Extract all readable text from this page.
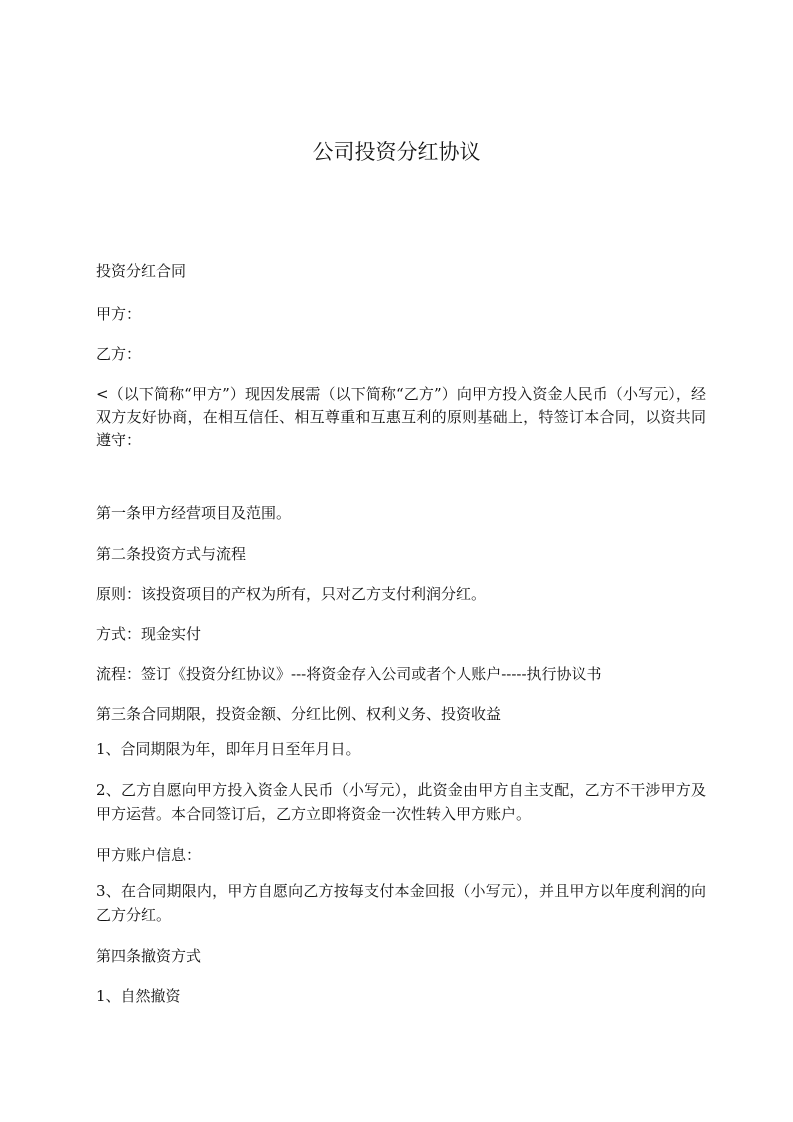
公司投资分红协议

投资分红合同

甲方：

乙方：

<（以下简称“甲方”）现因发展需（以下简称“乙方”）向甲方投入资金人民币（小写元），经双方友好协商，在相互信任、相互尊重和互惠互利的原则基础上，特签订本合同，以资共同遵守：

第一条甲方经营项目及范围。

第二条投资方式与流程

原则：该投资项目的产权为所有，只对乙方支付利润分红。

方式：现金实付

流程：签订《投资分红协议》---将资金存入公司或者个人账户-----执行协议书

第三条合同期限，投资金额、分红比例、权利义务、投资收益

1、合同期限为年，即年月日至年月日。

2、乙方自愿向甲方投入资金人民币（小写元），此资金由甲方自主支配，乙方不干涉甲方及甲方运营。本合同签订后，乙方立即将资金一次性转入甲方账户。

甲方账户信息：

3、在合同期限内，甲方自愿向乙方按每支付本金回报（小写元），并且甲方以年度利润的向乙方分红。

第四条撤资方式

1、自然撤资
